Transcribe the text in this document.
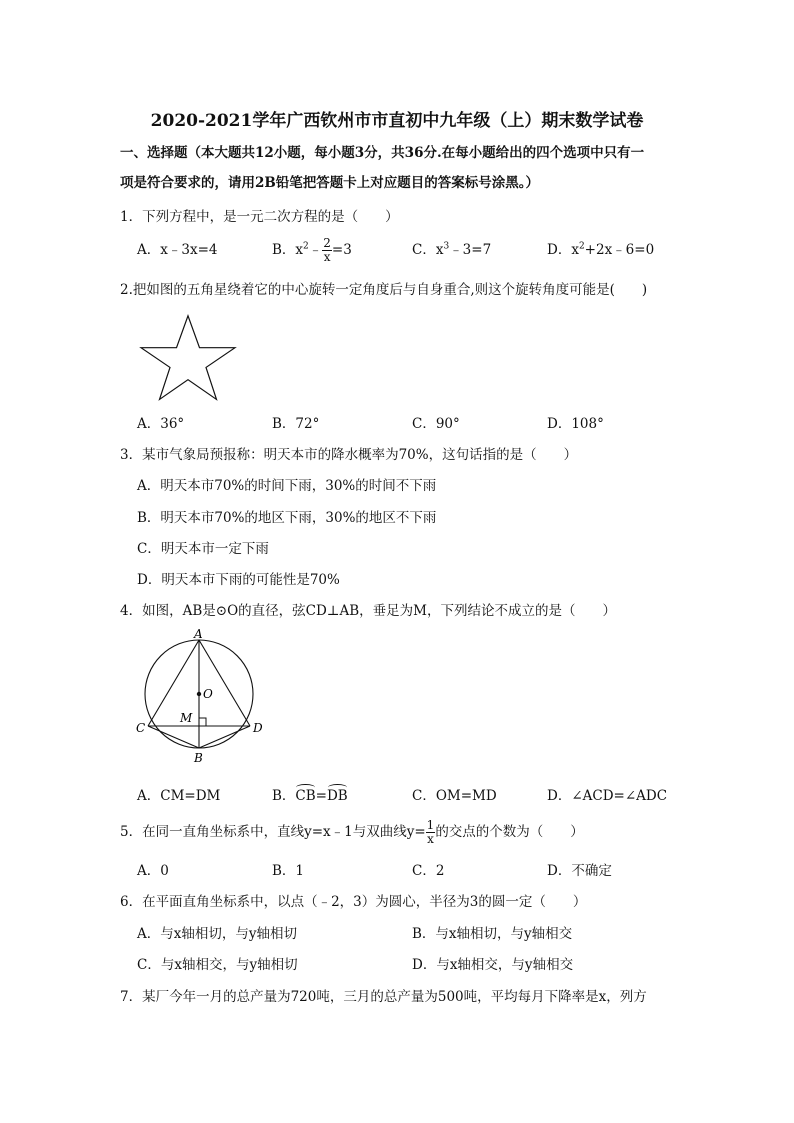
2020-2021学年广西钦州市市直初中九年级（上）期末数学试卷
一、选择题（本大题共12小题，每小题3分，共36分.在每小题给出的四个选项中只有一
项是符合要求的，请用2B铅笔把答题卡上对应题目的答案标号涂黑。）
1．下列方程中，是一元二次方程的是（　　）
A．x﹣3x=4	B．$x^2﹣ \frac{2}{x} =3$	C．$x^3﹣3=7$	D．$x^2+2x﹣6=0$
2.把如图的五角星绕着它的中心旋转一定角度后与自身重合,则这个旋转角度可能是(　　)
A．36°	B．72°	C．90°	D．108°
3．某市气象局预报称：明天本市的降水概率为70%，这句话指的是（　　）
A．明天本市70%的时间下雨，30%的时间不下雨
B．明天本市70%的地区下雨，30%的地区不下雨
C．明天本市一定下雨
D．明天本市下雨的可能性是70%
4．如图，AB是⊙O的直径，弦CD⊥AB，垂足为M，下列结论不成立的是（　　）
A
O
M
C	D
B
A．CM=DM	B．CB=DB	C．OM=MD	D．∠ACD=∠ADC
5．在同一直角坐标系中，直线y=x﹣1与双曲线$y= \frac{1}{x}$ 的交点的个数为（　　）
A．0	B．1	C．2	D．不确定
6．在平面直角坐标系中，以点（﹣2，3）为圆心，半径为3的圆一定（　　）
A．与x轴相切，与y轴相切	B．与x轴相切，与y轴相交
C．与x轴相交，与y轴相切	D．与x轴相交，与y轴相交
7．某厂今年一月的总产量为720吨，三月的总产量为500吨，平均每月下降率是x，列方
